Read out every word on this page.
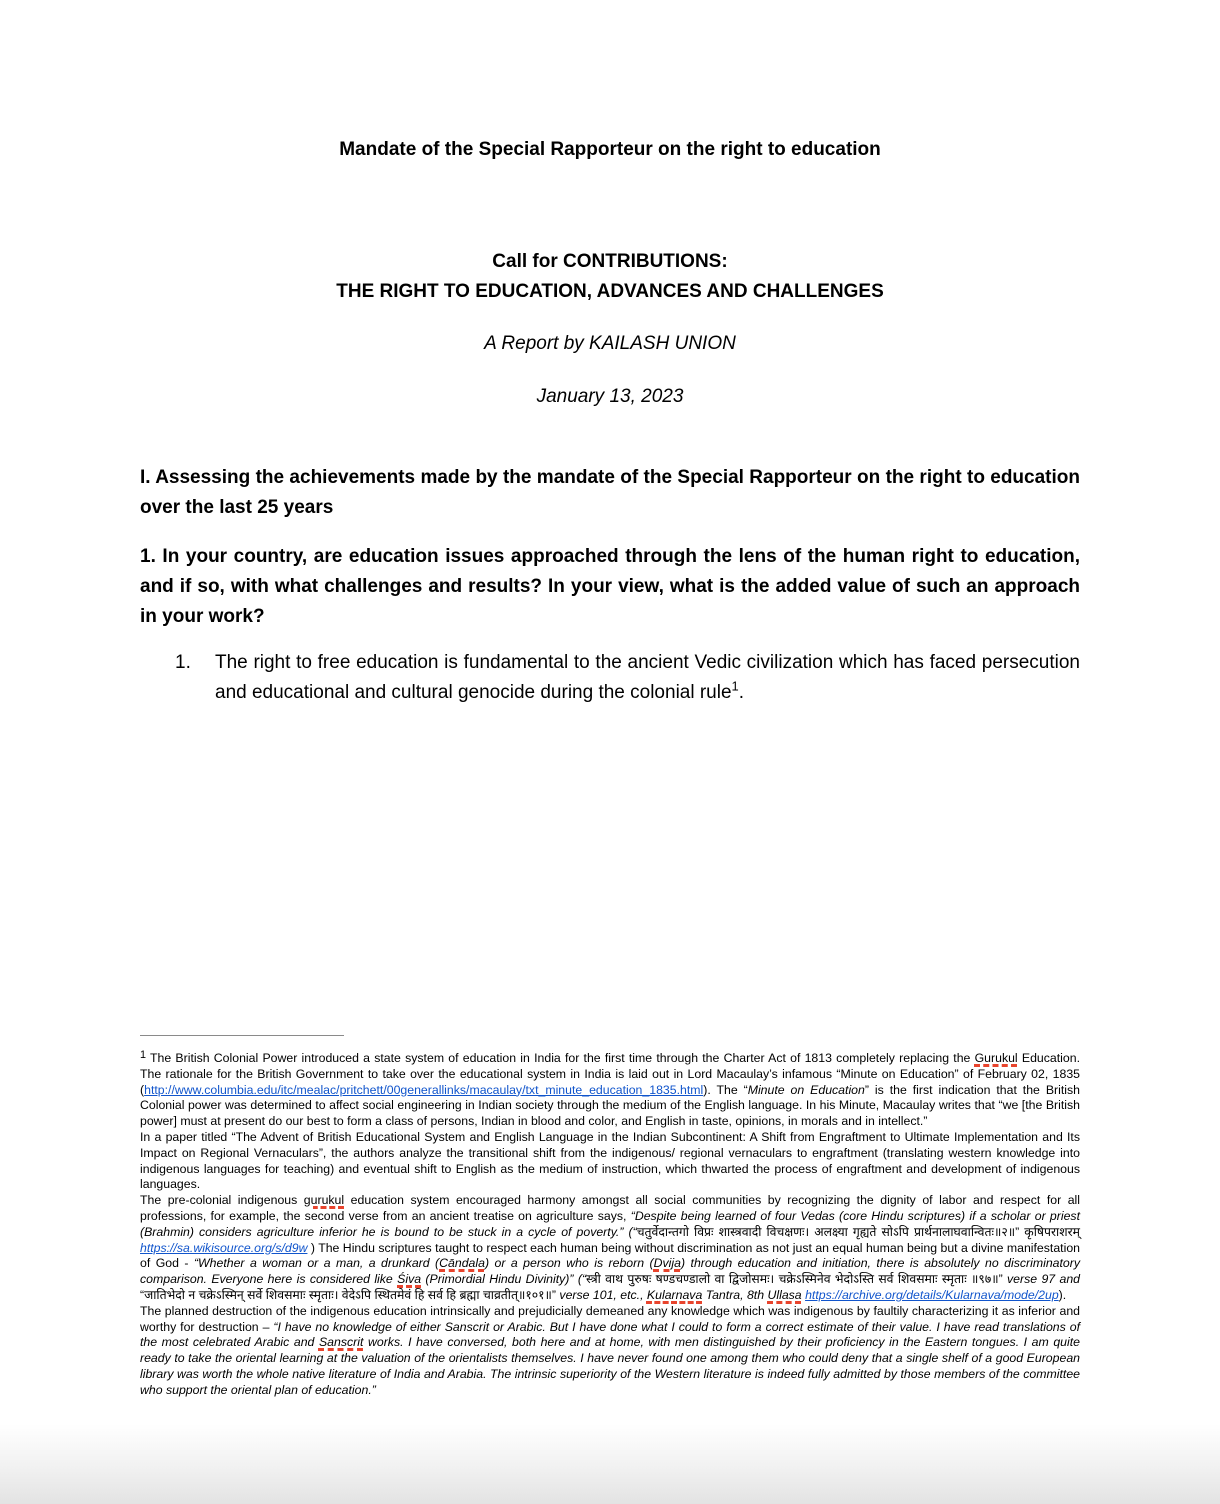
Mandate of the Special Rapporteur on the right to education

Call for CONTRIBUTIONS:
THE RIGHT TO EDUCATION, ADVANCES AND CHALLENGES

A Report by KAILASH UNION

January 13, 2023

I. Assessing the achievements made by the mandate of the Special Rapporteur on the right to education over the last 25 years

1. In your country, are education issues approached through the lens of the human right to education, and if so, with what challenges and results? In your view, what is the added value of such an approach in your work?

1. The right to free education is fundamental to the ancient Vedic civilization which has faced persecution and educational and cultural genocide during the colonial rule$^1$.

$^1$ The British Colonial Power introduced a state system of education in India for the first time through the Charter Act of 1813 completely replacing the Gurukul Education. The rationale for the British Government to take over the educational system in India is laid out in Lord Macaulay’s infamous “Minute on Education” of February 02, 1835 (http://www.columbia.edu/itc/mealac/pritchett/00generallinks/macaulay/txt_minute_education_1835.html). The “Minute on Education” is the first indication that the British Colonial power was determined to affect social engineering in Indian society through the medium of the English language. In his Minute, Macaulay writes that “we [the British power] must at present do our best to form a class of persons, Indian in blood and color, and English in taste, opinions, in morals and in intellect.”

In a paper titled “The Advent of British Educational System and English Language in the Indian Subcontinent: A Shift from Engraftment to Ultimate Implementation and Its Impact on Regional Vernaculars”, the authors analyze the transitional shift from the indigenous/ regional vernaculars to engraftment (translating western knowledge into indigenous languages for teaching) and eventual shift to English as the medium of instruction, which thwarted the process of engraftment and development of indigenous languages.

The pre-colonial indigenous gurukul education system encouraged harmony amongst all social communities by recognizing the dignity of labor and respect for all professions, for example, the second verse from an ancient treatise on agriculture says, “Despite being learned of four Vedas (core Hindu scriptures) if a scholar or priest (Brahmin) considers agriculture inferior he is bound to be stuck in a cycle of poverty.” (“चतुर्वेदान्तगो विप्रः शास्त्रवादी विचक्षणः। अलक्ष्या गृह्यते सोऽपि प्रार्थनालाघवान्वितः॥२॥” कृषिपराशरम् https://sa.wikisource.org/s/d9w ) The Hindu scriptures taught to respect each human being without discrimination as not just an equal human being but a divine manifestation of God - “Whether a woman or a man, a drunkard (Cāndala) or a person who is reborn (Dvija) through education and initiation, there is absolutely no discriminatory comparison. Everyone here is considered like Śiva (Primordial Hindu Divinity)” (“स्त्री वाथ पुरुषः षण्डचण्डालो वा द्विजोसमः। चक्रेऽस्मिनेव भेदोऽस्ति सर्व शिवसमाः स्मृताः ॥९७॥” verse 97 and “जातिभेदो न चक्रेऽस्मिन् सर्वे शिवसमाः स्मृताः। वेदेऽपि स्थितमेवं हि सर्व हि ब्रह्मा चाव्रतीत्॥१०१॥” verse 101, etc., Kularnava Tantra, 8th Ullasa https://archive.org/details/Kularnava/mode/2up).

The planned destruction of the indigenous education intrinsically and prejudicially demeaned any knowledge which was indigenous by faultily characterizing it as inferior and worthy for destruction – “I have no knowledge of either Sanscrit or Arabic. But I have done what I could to form a correct estimate of their value. I have read translations of the most celebrated Arabic and Sanscrit works. I have conversed, both here and at home, with men distinguished by their proficiency in the Eastern tongues. I am quite ready to take the oriental learning at the valuation of the orientalists themselves. I have never found one among them who could deny that a single shelf of a good European library was worth the whole native literature of India and Arabia. The intrinsic superiority of the Western literature is indeed fully admitted by those members of the committee who support the oriental plan of education.”
